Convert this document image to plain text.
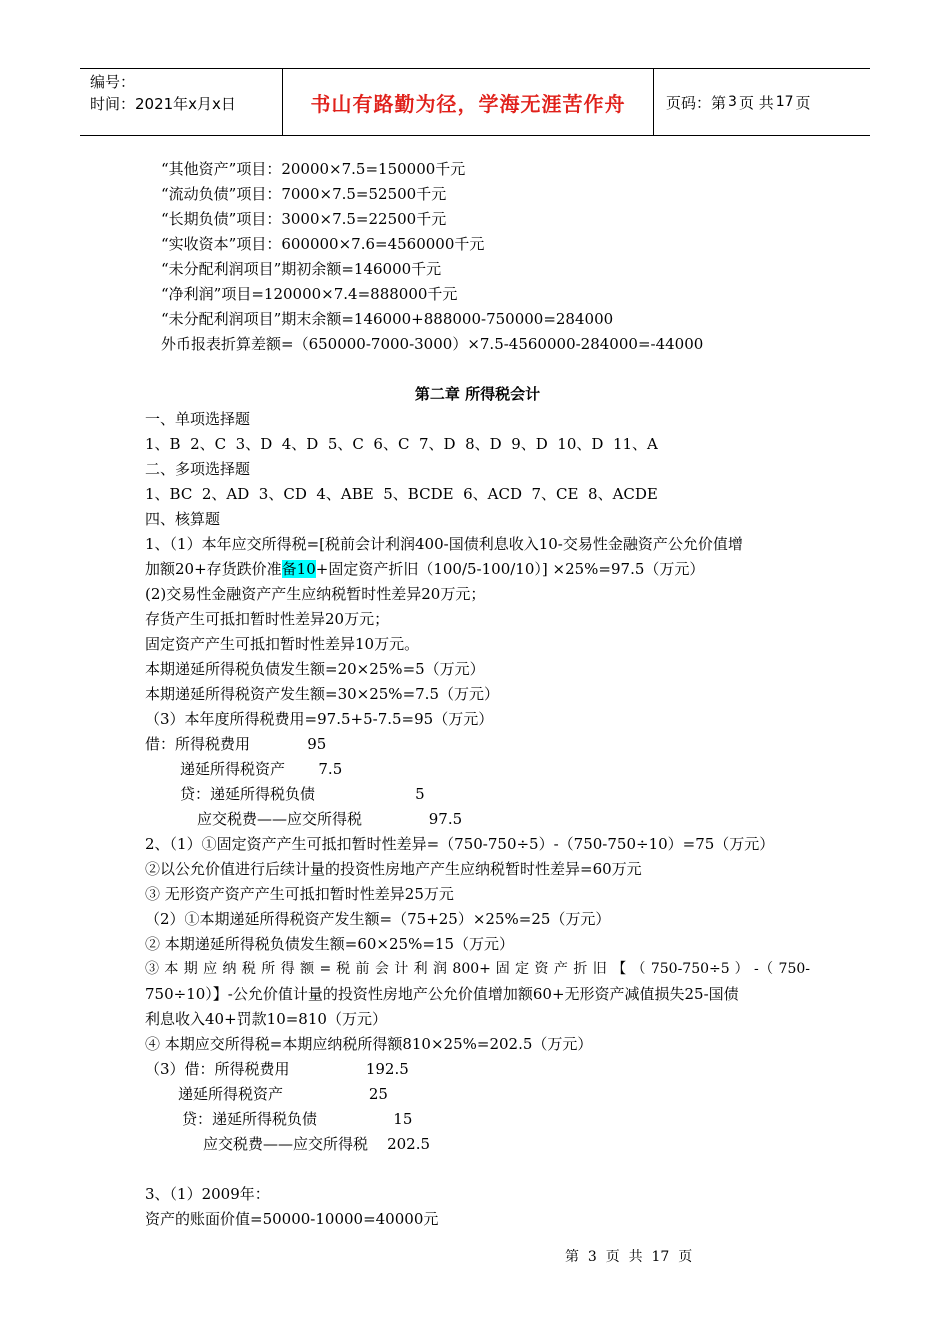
编号：
时间：2021年x月x日	书山有路勤为径，学海无涯苦作舟	页码：第 3 页 共 17 页
“其他资产”项目：20000×7.5=150000千元
“流动负债”项目：7000×7.5=52500千元
“长期负债”项目：3000×7.5=22500千元
“实收资本”项目：600000×7.6=4560000千元
“未分配利润项目”期初余额=146000千元
“净利润”项目=120000×7.4=888000千元
“未分配利润项目”期末余额=146000+888000-750000=284000
外币报表折算差额=（650000-7000-3000）×7.5-4560000-284000=-44000
第二章 所得税会计
一、单项选择题
1、B  2、C  3、D  4、D  5、C  6、C  7、D  8、D  9、D  10、D  11、A
二、多项选择题
1、BC  2、AD  3、CD  4、ABE  5、BCDE  6、ACD  7、CE  8、ACDE
四、核算题
1、（1）本年应交所得税=[税前会计利润400-国债利息收入10-交易性金融资产公允价值增
加额20+存货跌价准备10+固定资产折旧（100/5-100/10）] ×25%=97.5（万元）
(2)交易性金融资产产生应纳税暂时性差异20万元；
存货产生可抵扣暂时性差异20万元；
固定资产产生可抵扣暂时性差异10万元。
本期递延所得税负债发生额=20×25%=5（万元）
本期递延所得税资产发生额=30×25%=7.5（万元）
（3）本年度所得税费用=97.5+5-7.5=95（万元）
借：所得税费用            95
递延所得税资产       7.5
贷：递延所得税负债                     5
应交税费——应交所得税              97.5
2、（1）①固定资产产生可抵扣暂时性差异=（750-750÷5）-（750-750÷10）=75（万元）
②以公允价值进行后续计量的投资性房地产产生应纳税暂时性差异=60万元
③ 无形资产资产产生可抵扣暂时性差异25万元
（2）①本期递延所得税资产发生额=（75+25）×25%=25（万元）
② 本期递延所得税负债发生额=60×25%=15（万元）
③ 本 期 应 纳 税 所 得 额 = 税 前 会 计 利 润 800+ 固 定 资 产 折 旧 【 （ 750-750÷5 ） -（ 750-
750÷10）】-公允价值计量的投资性房地产公允价值增加额60+无形资产减值损失25-国债
利息收入40+罚款10=810（万元）
④ 本期应交所得税=本期应纳税所得额810×25%=202.5（万元）
（3）借：所得税费用                192.5
递延所得税资产                  25
贷：递延所得税负债                15
应交税费——应交所得税    202.5
3、（1）2009年：
资产的账面价值=50000-10000=40000元
第  3  页  共  17  页
